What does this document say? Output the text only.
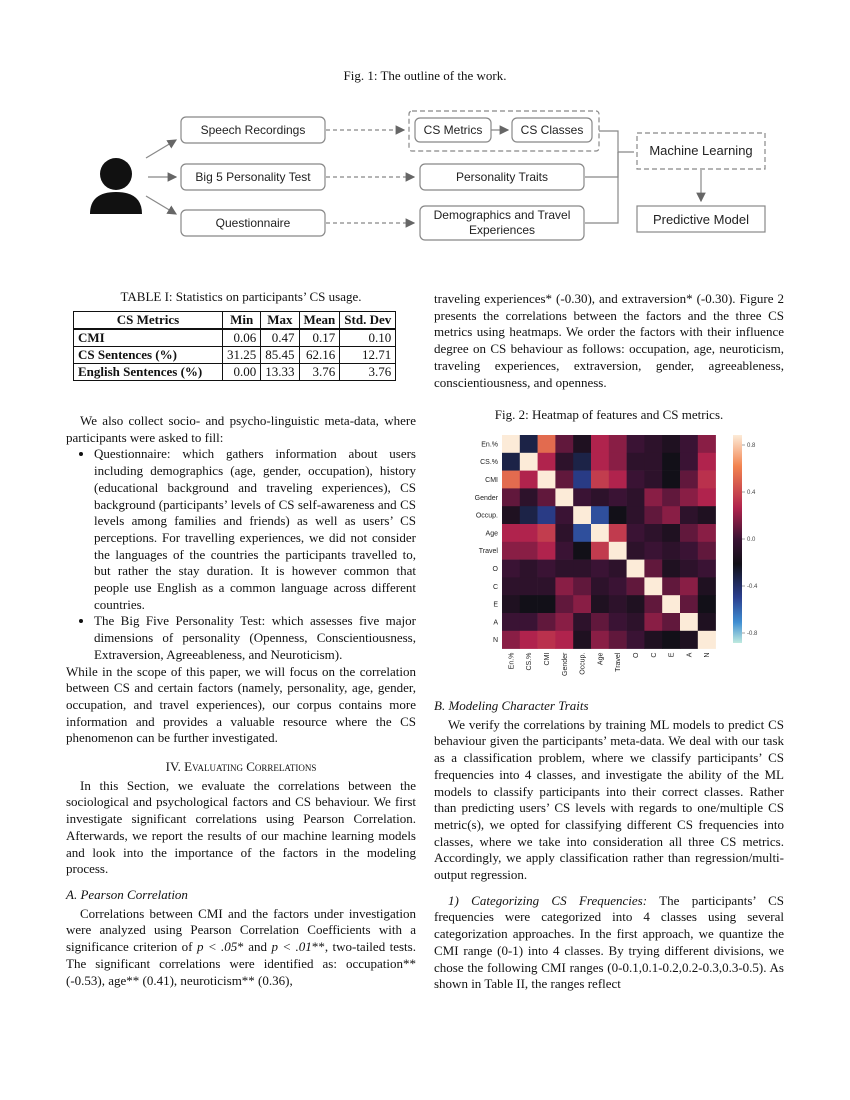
Fig. 1: The outline of the work.
Speech Recordings
Big 5 Personality Test
Questionnaire
CS Metrics	CS Classes
Personality Traits
Demographics and Travel
Experiences
Machine Learning
Predictive Model
TABLE I: Statistics on participants’ CS usage.
CS Metrics	Min	Max	Mean	Std. Dev
CMI	0.06	0.47	0.17	0.10
CS Sentences (%)	31.25	85.45	62.16	12.71
English Sentences (%)	0.00	13.33	3.76	3.76

We also collect socio- and psycho-linguistic meta-data, where participants were asked to fill:

• Questionnaire: which gathers information about users including demographics (age, gender, occupation), history (educational background and traveling experiences), CS background (participants’ levels of CS self-awareness and CS levels among families and friends) as well as users’ CS perceptions. For travelling experiences, we did not consider the languages of the countries the participants travelled to, but rather the stay duration. It is however common that people use English as a common language across different countries.
• The Big Five Personality Test: which assesses five major dimensions of personality (Openness, Conscientiousness, Extraversion, Agreeableness, and Neuroticism).

While in the scope of this paper, we will focus on the correlation between CS and certain factors (namely, personality, age, gender, occupation, and travel experiences), our corpus contains more information and provides a valuable resource where the CS phenomenon can be further investigated.

IV. Evaluating Correlations

In this Section, we evaluate the correlations between the sociological and psychological factors and CS behaviour. We first investigate significant correlations using Pearson Correlation. Afterwards, we report the results of our machine learning models and look into the importance of the factors in the modeling process.

A. Pearson Correlation

Correlations between CMI and the factors under investigation were analyzed using Pearson Correlation Coefficients with a significance criterion of p < .05* and p < .01**, two-tailed tests. The significant correlations were identified as: occupation** (-0.53), age** (0.41), neuroticism** (0.36),

traveling experiences* (-0.30), and extraversion* (-0.30). Figure 2 presents the correlations between the factors and the three CS metrics using heatmaps. We order the factors with their influence degree on CS behaviour as follows: occupation, age, neuroticism, traveling experiences, extraversion, gender, agreeableness, conscientiousness, and openness.

Fig. 2: Heatmap of features and CS metrics.
En.%
CS.%
CMI
Gender
Occup.
Age
Travel
O
C
E
A
N
En.% CS.% CMI Gender Occup. Age Travel O C E A N
0.8
0.4
0.0
-0.4
-0.8

B. Modeling Character Traits

We verify the correlations by training ML models to predict CS behaviour given the participants’ meta-data. We deal with our task as a classification problem, where we classify participants’ CS frequencies into 4 classes, and investigate the ability of the ML models to classify participants into their correct classes. Rather than predicting users’ CS levels with regards to one/multiple CS metric(s), we opted for classifying different CS frequencies into classes, where we take into consideration all three CS metrics. Accordingly, we apply classification rather than regression/multi-output regression.

1) Categorizing CS Frequencies: The participants’ CS frequencies were categorized into 4 classes using several categorization approaches. In the first approach, we quantize the CMI range (0-1) into 4 classes. By trying different divisions, we chose the following CMI ranges (0-0.1,0.1-0.2,0.2-0.3,0.3-0.5). As shown in Table II, the ranges reflect
